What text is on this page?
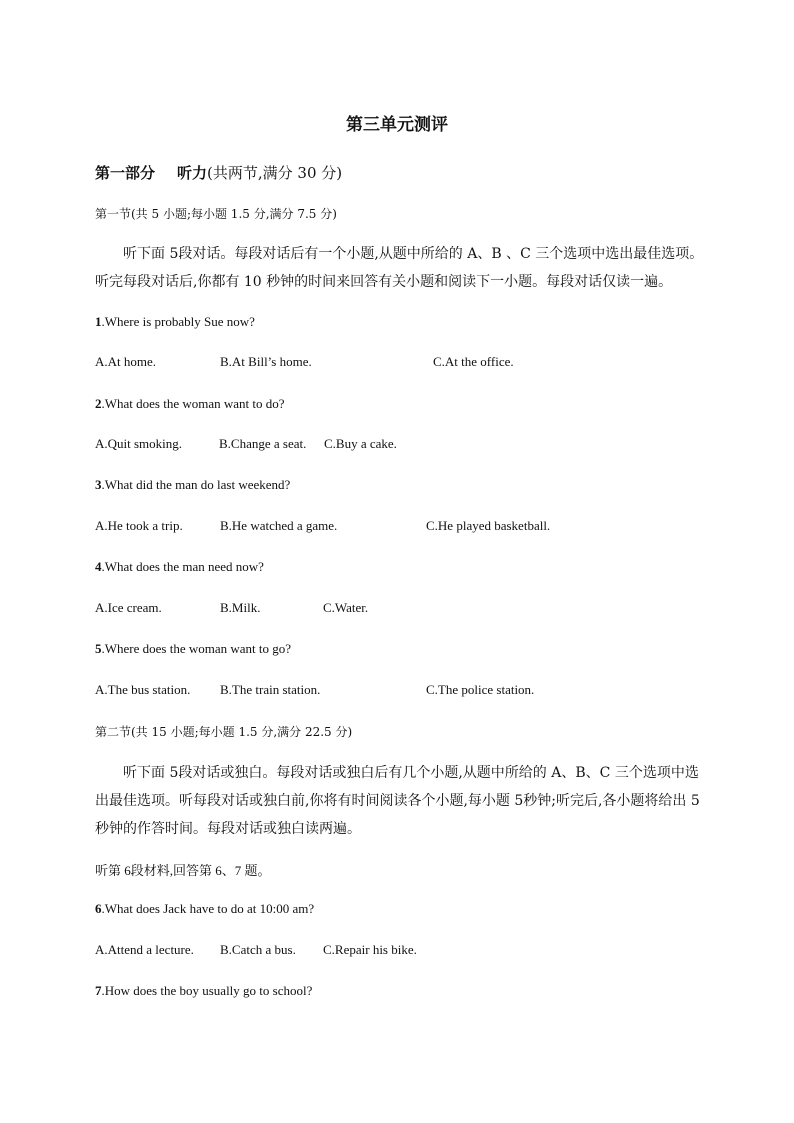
第三单元测评
第一部分 听力(共两节,满分 30 分)
第一节(共 5 小题;每小题 1.5 分,满分 7.5 分)
听下面 5段对话。每段对话后有一个小题,从题中所给的 A、B 、C 三个选项中选出最佳选项。
听完每段对话后,你都有 10 秒钟的时间来回答有关小题和阅读下一小题。每段对话仅读一遍。
1.Where is probably Sue now?
A.At home.	B.At Bill’s home.	C.At the office.
2.What does the woman want to do?
A.Quit smoking.	B.Change a seat. C.Buy a cake.
3.What did the man do last weekend?
A.He took a trip.	B.He watched a game.	C.He played basketball.
4.What does the man need now?
A.Ice cream.	B.Milk.	C.Water.
5.Where does the woman want to go?
A.The bus station. B.The train station.	C.The police station.
第二节(共 15 小题;每小题 1.5 分,满分 22.5 分)
听下面 5段对话或独白。每段对话或独白后有几个小题,从题中所给的 A、B、C 三个选项中选
出最佳选项。听每段对话或独白前,你将有时间阅读各个小题,每小题 5秒钟;听完后,各小题将给出 5
秒钟的作答时间。每段对话或独白读两遍。
听第 6段材料,回答第 6、7 题。
6.What does Jack have to do at 10:00 am?
A.Attend a lecture. B.Catch a bus. C.Repair his bike.
7.How does the boy usually go to school?
